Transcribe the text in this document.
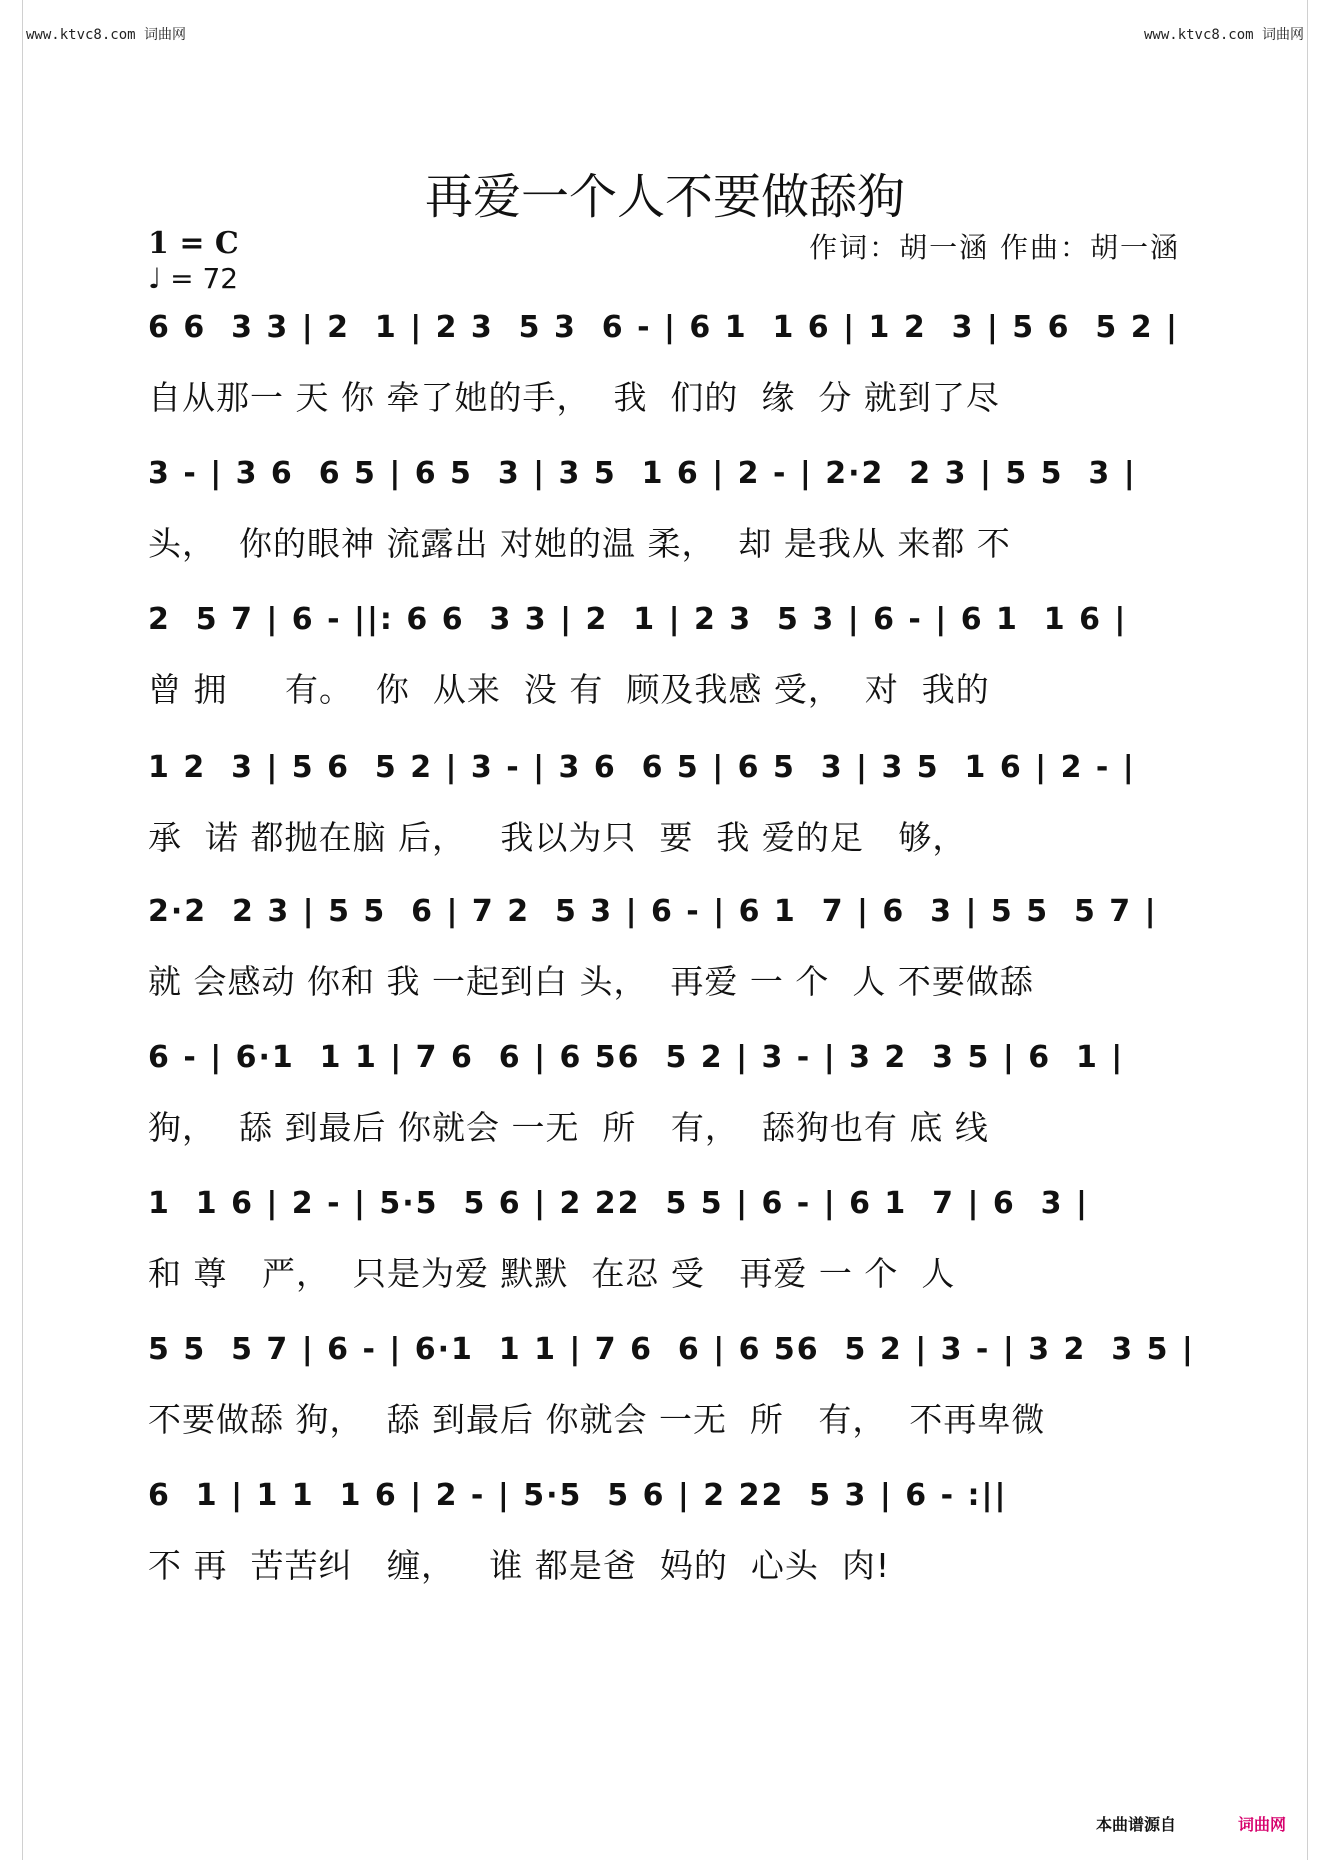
www.ktvc8.com 词曲网	www.ktvc8.com 词曲网
再爱一个人不要做舔狗
1 = C
♩ = 72
作词：胡一涵 作曲：胡一涵
6 6  3 3 | 2  1 | 2 3  5 3  6 - | 6 1  1 6 | 1 2  3 | 5 6  5 2 |
自从那一 天 你 牵了她的手，  我  们的  缘  分 就到了尽
3 - | 3 6  6 5 | 6 5  3 | 3 5  1 6 | 2 - | 2·2  2 3 | 5 5  3 |
头，  你的眼神 流露出 对她的温 柔，  却 是我从 来都 不
2  5 7 | 6 - ||: 6 6  3 3 | 2  1 | 2 3  5 3 | 6 - | 6 1  1 6 |
曾 拥     有。  你  从来  没 有  顾及我感 受，  对  我的
1 2  3 | 5 6  5 2 | 3 - | 3 6  6 5 | 6 5  3 | 3 5  1 6 | 2 - |
承  诺 都抛在脑 后，   我以为只  要  我 爱的足   够，
2·2  2 3 | 5 5  6 | 7 2  5 3 | 6 - | 6 1  7 | 6  3 | 5 5  5 7 |
就 会感动 你和 我 一起到白 头，  再爱 一 个  人 不要做舔
6 - | 6·1  1 1 | 7 6  6 | 6 56  5 2 | 3 - | 3 2  3 5 | 6  1 |
狗，  舔 到最后 你就会 一无  所   有，  舔狗也有 底 线
1  1 6 | 2 - | 5·5  5 6 | 2 22  5 5 | 6 - | 6 1  7 | 6  3 |
和 尊   严，  只是为爱 默默  在忍 受   再爱 一 个  人
5 5  5 7 | 6 - | 6·1  1 1 | 7 6  6 | 6 56  5 2 | 3 - | 3 2  3 5 |
不要做舔 狗，  舔 到最后 你就会 一无  所   有，  不再卑微
6  1 | 1 1  1 6 | 2 - | 5·5  5 6 | 2 22  5 3 | 6 - :||
不 再  苦苦纠   缠，   谁 都是爸  妈的  心头  肉!
本曲谱源自	词曲网
